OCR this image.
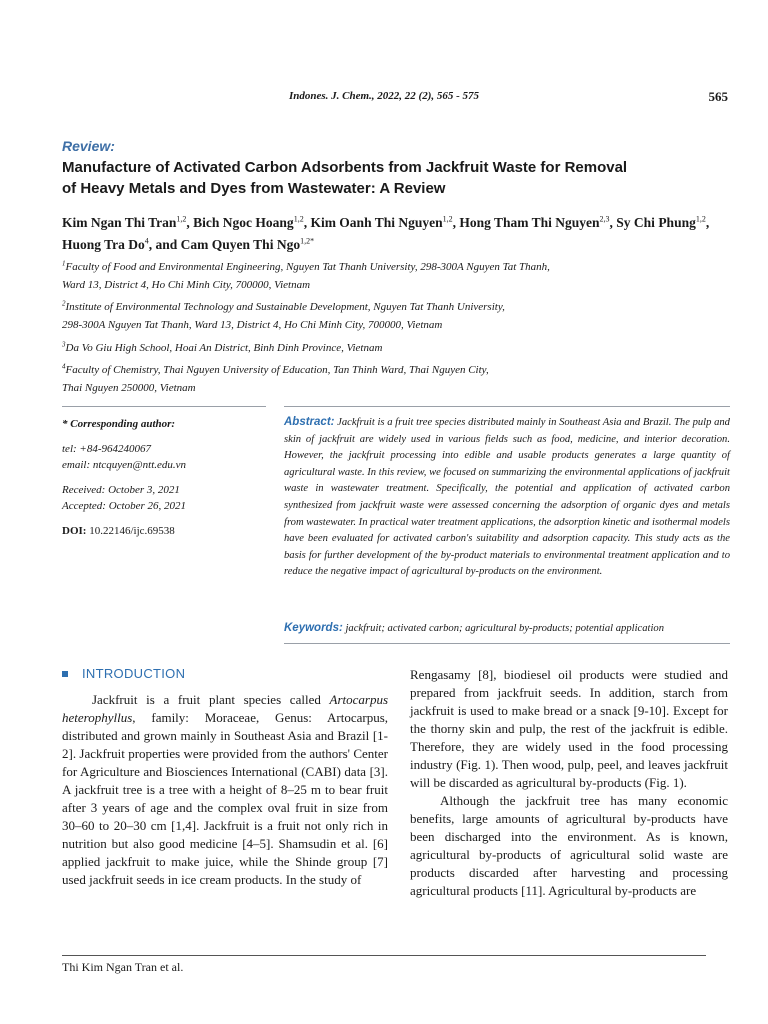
Indones. J. Chem., 2022, 22 (2), 565 - 575	565
Review:
Manufacture of Activated Carbon Adsorbents from Jackfruit Waste for Removal
of Heavy Metals and Dyes from Wastewater: A Review
Kim Ngan Thi Tran$^{1,2}$, Bich Ngoc Hoang$^{1,2}$, Kim Oanh Thi Nguyen$^{1,2}$, Hong Tham Thi Nguyen$^{2,3}$, Sy Chi Phung$^{1,2}$, Huong Tra Do$^4$, and Cam Quyen Thi Ngo$^{1,2*}$
$^1$Faculty of Food and Environmental Engineering, Nguyen Tat Thanh University, 298-300A Nguyen Tat Thanh,
Ward 13, District 4, Ho Chi Minh City, 700000, Vietnam
$^2$Institute of Environmental Technology and Sustainable Development, Nguyen Tat Thanh University,
298-300A Nguyen Tat Thanh, Ward 13, District 4, Ho Chi Minh City, 700000, Vietnam
$^3$Da Vo Giu High School, Hoai An District, Binh Dinh Province, Vietnam
$^4$Faculty of Chemistry, Thai Nguyen University of Education, Tan Thinh Ward, Thai Nguyen City,
Thai Nguyen 250000, Vietnam
* Corresponding author:
tel: +84-964240067
email: ntcquyen@ntt.edu.vn
Received: October 3, 2021
Accepted: October 26, 2021
DOI: 10.22146/ijc.69538
Abstract: Jackfruit is a fruit tree species distributed mainly in Southeast Asia and Brazil. The pulp and skin of jackfruit are widely used in various fields such as food, medicine, and interior decoration. However, the jackfruit processing into edible and usable products generates a large quantity of agricultural waste. In this review, we focused on summarizing the environmental applications of jackfruit waste in wastewater treatment. Specifically, the potential and application of activated carbon synthesized from jackfruit waste were assessed concerning the adsorption of organic dyes and metals from wastewater. In practical water treatment applications, the adsorption kinetic and isothermal models have been evaluated for activated carbon's suitability and adsorption capacity. This study acts as the basis for further development of the by-product materials to environmental treatment application and to reduce the negative impact of agricultural by-products on the environment.
Keywords: jackfruit; activated carbon; agricultural by-products; potential application
INTRODUCTION

Jackfruit is a fruit plant species called Artocarpus heterophyllus, family: Moraceae, Genus: Artocarpus, distributed and grown mainly in Southeast Asia and Brazil [1-2]. Jackfruit properties were provided from the authors' Center for Agriculture and Biosciences International (CABI) data [3]. A jackfruit tree is a tree with a height of 8–25 m to bear fruit after 3 years of age and the complex oval fruit in size from 30–60 to 20–30 cm [1,4]. Jackfruit is a fruit not only rich in nutrition but also good medicine [4–5]. Shamsudin et al. [6] applied jackfruit to make juice, while the Shinde group [7] used jackfruit seeds in ice cream products. In the study of

Rengasamy [8], biodiesel oil products were studied and prepared from jackfruit seeds. In addition, starch from jackfruit is used to make bread or a snack [9-10]. Except for the thorny skin and pulp, the rest of the jackfruit is edible. Therefore, they are widely used in the food processing industry (Fig. 1). Then wood, pulp, peel, and leaves jackfruit will be discarded as agricultural by-products (Fig. 1).

Although the jackfruit tree has many economic benefits, large amounts of agricultural by-products have been discharged into the environment. As is known, agricultural by-products of agricultural solid waste are products discarded after harvesting and processing agricultural products [11]. Agricultural by-products are

Thi Kim Ngan Tran et al.
